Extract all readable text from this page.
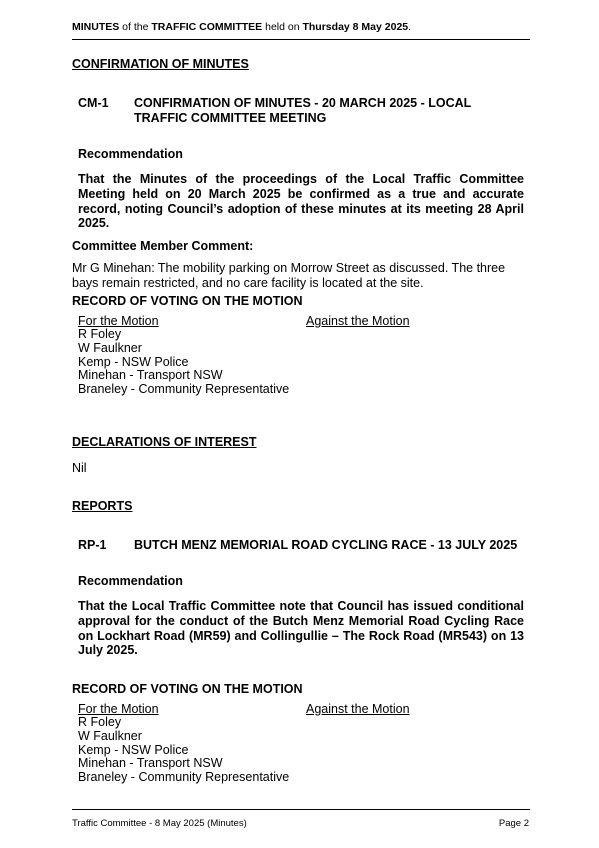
MINUTES of the TRAFFIC COMMITTEE held on Thursday 8 May 2025.
CONFIRMATION OF MINUTES
CM-1 CONFIRMATION OF MINUTES - 20 MARCH 2025 - LOCAL TRAFFIC COMMITTEE MEETING
Recommendation
That the Minutes of the proceedings of the Local Traffic Committee Meeting held on 20 March 2025 be confirmed as a true and accurate record, noting Council’s adoption of these minutes at its meeting 28 April 2025.
Committee Member Comment:
Mr G Minehan: The mobility parking on Morrow Street as discussed. The three bays remain restricted, and no care facility is located at the site.
RECORD OF VOTING ON THE MOTION
For the Motion	Against the Motion
R Foley
W Faulkner
Kemp - NSW Police
Minehan - Transport NSW
Braneley - Community Representative
DECLARATIONS OF INTEREST
Nil
REPORTS
RP-1 BUTCH MENZ MEMORIAL ROAD CYCLING RACE - 13 JULY 2025
Recommendation
That the Local Traffic Committee note that Council has issued conditional approval for the conduct of the Butch Menz Memorial Road Cycling Race on Lockhart Road (MR59) and Collingullie – The Rock Road (MR543) on 13 July 2025.
RECORD OF VOTING ON THE MOTION
For the Motion	Against the Motion
R Foley
W Faulkner
Kemp - NSW Police
Minehan - Transport NSW
Braneley - Community Representative
Traffic Committee - 8 May 2025 (Minutes)	Page 2
